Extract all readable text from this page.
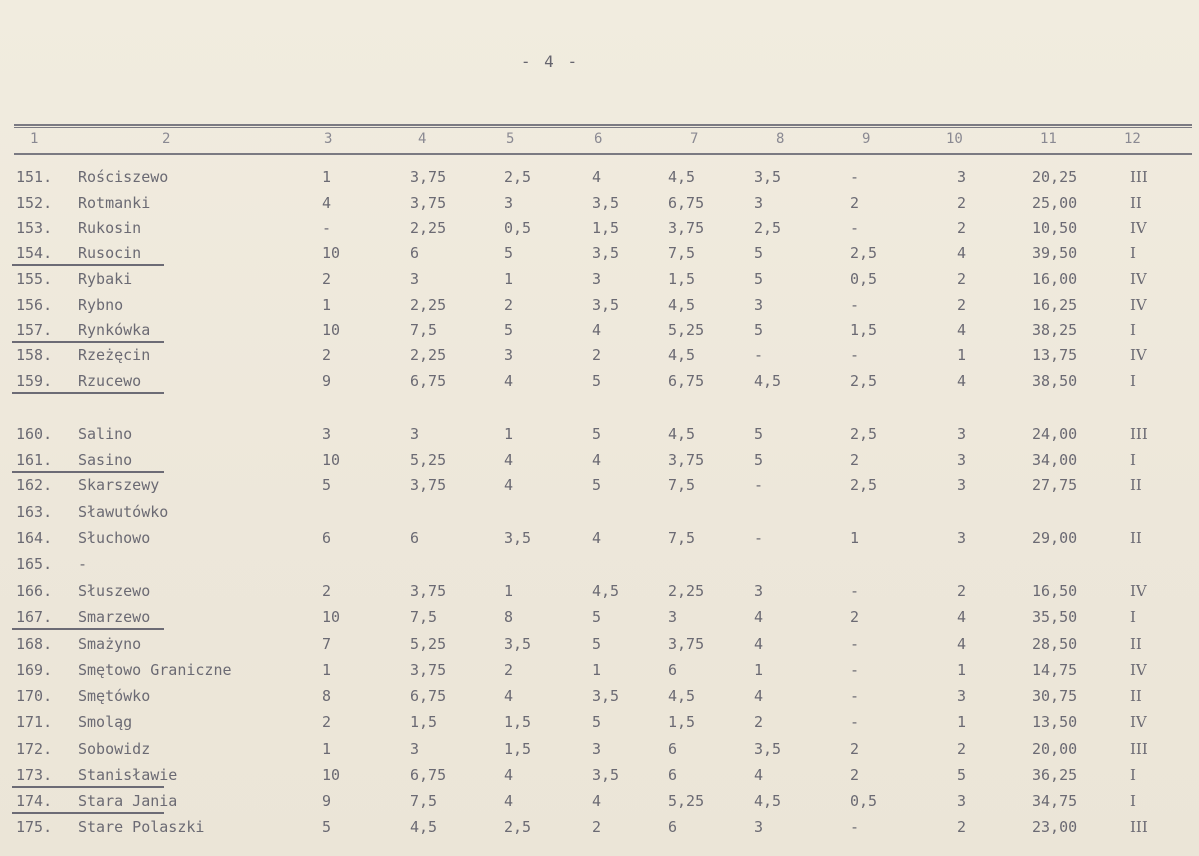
- 4 -
1	2	3	4	5	6	7	8	9	10	11	12
151. Rościszewo	1	3,75	2,5	4	4,5	3,5	-	3	20,25	III
152. Rotmanki	4	3,75	3	3,5	6,75	3	2	2	25,00	II
153. Rukosin	-	2,25	0,5	1,5	3,75	2,5	-	2	10,50	IV
154. Rusocin	10	6	5	3,5	7,5	5	2,5	4	39,50	I
155. Rybaki	2	3	1	3	1,5	5	0,5	2	16,00	IV
156. Rybno	1	2,25	2	3,5	4,5	3	-	2	16,25	IV
157. Rynkówka	10	7,5	5	4	5,25	5	1,5	4	38,25	I
158. Rzeżęcin	2	2,25	3	2	4,5	-	-	1	13,75	IV
159. Rzucewo	9	6,75	4	5	6,75	4,5	2,5	4	38,50	I
160. Salino	3	3	1	5	4,5	5	2,5	3	24,00	III
161. Sasino	10	5,25	4	4	3,75	5	2	3	34,00	I
162. Skarszewy	5	3,75	4	5	7,5	-	2,5	3	27,75	II
163. Sławutówko
164. Słuchowo	6	6	3,5	4	7,5	-	1	3	29,00	II
165. -
166. Słuszewo	2	3,75	1	4,5	2,25	3	-	2	16,50	IV
167. Smarzewo	10	7,5	8	5	3	4	2	4	35,50	I
168. Smażyno	7	5,25	3,5	5	3,75	4	-	4	28,50	II
169. Smętowo Graniczne	1	3,75	2	1	6	1	-	1	14,75	IV
170. Smętówko	8	6,75	4	3,5	4,5	4	-	3	30,75	II
171. Smoląg	2	1,5	1,5	5	1,5	2	-	1	13,50	IV
172. Sobowidz	1	3	1,5	3	6	3,5	2	2	20,00	III
173. Stanisławie	10	6,75	4	3,5	6	4	2	5	36,25	I
174. Stara Jania	9	7,5	4	4	5,25	4,5	0,5	3	34,75	I
175. Stare Polaszki	5	4,5	2,5	2	6	3	-	2	23,00	III
